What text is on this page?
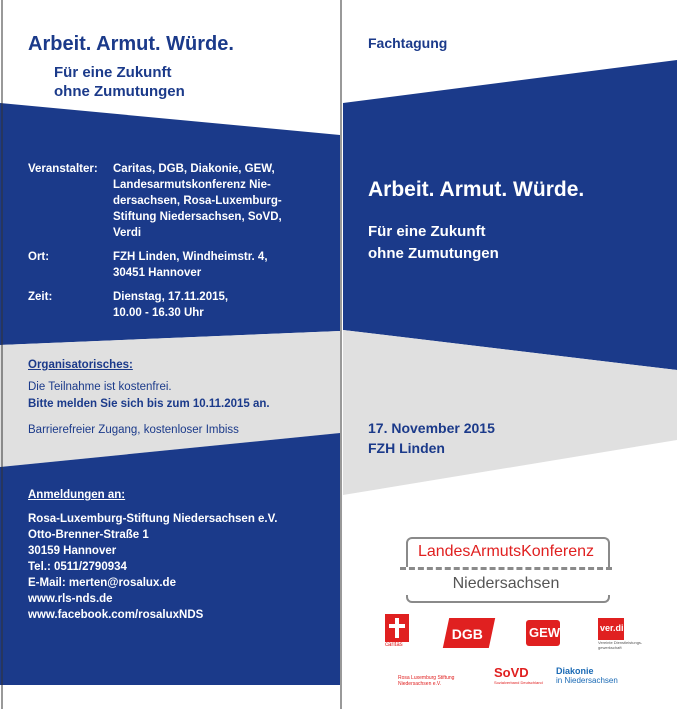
Arbeit. Armut. Würde.
Für eine Zukunft
ohne Zumutungen
Veranstalter: Caritas, DGB, Diakonie, GEW,
Landesarmutskonferenz Nie-
dersachsen, Rosa-Luxemburg-
Stiftung Niedersachsen, SoVD,
Verdi
Ort:	FZH Linden, Windheimstr. 4,
30451 Hannover
Zeit:	Dienstag, 17.11.2015,
10.00 - 16.30 Uhr
Organisatorisches:
Die Teilnahme ist kostenfrei.
Bitte melden Sie sich bis zum 10.11.2015 an.
Barrierefreier Zugang, kostenloser Imbiss
Anmeldungen an:
Rosa-Luxemburg-Stiftung Niedersachsen e.V.
Otto-Brenner-Straße 1
30159 Hannover
Tel.: 0511/2790934
E-Mail: merten@rosalux.de
www.rls-nds.de
www.facebook.com/rosaluxNDS
Fachtagung
Arbeit. Armut. Würde.
Für eine Zukunft
ohne Zumutungen
17. November 2015
FZH Linden
LandesArmutsKonferenz
Niedersachsen
caritas
DGB	GEW	ver.di
Vereinte Dienstleistungs- gewerkschaft
Rosa Luxemburg Stiftung Niedersachsen e.V.
SoVD
Sozialverband Deutschland
Diakonie
in Niedersachsen
